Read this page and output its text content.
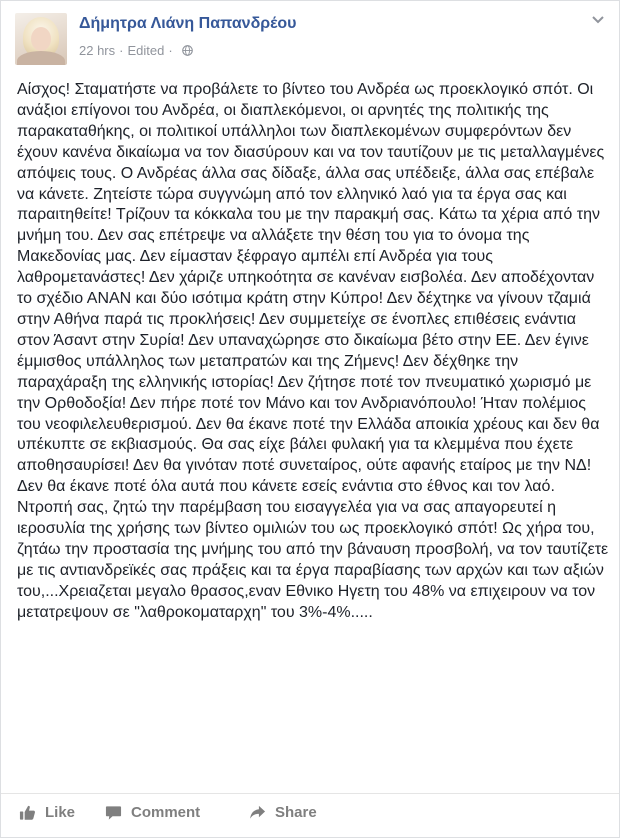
Δήμητρα Λιάνη Παπανδρέου
22 hrs · Edited ·
Αίσχος! Σταματήστε να προβάλετε το βίντεο του Ανδρέα ως προεκλογικό σπότ. Οι ανάξιοι επίγονοι του Ανδρέα, οι διαπλεκόμενοι, οι αρνητές της πολιτικής της παρακαταθήκης, οι πολιτικοί υπάλληλοι των διαπλεκομένων συμφερόντων δεν έχουν κανένα δικαίωμα να τον διασύρουν και να τον ταυτίζουν με τις μεταλλαγμένες απόψεις τους. Ο Ανδρέας άλλα σας δίδαξε, άλλα σας υπέδειξε, άλλα σας επέβαλε να κάνετε. Ζητείστε τώρα συγγνώμη από τον ελληνικό λαό για τα έργα σας και παραιτηθείτε! Τρίζουν τα κόκκαλα του με την παρακμή σας. Κάτω τα χέρια από την μνήμη του. Δεν σας επέτρεψε να αλλάξετε την θέση του για το όνομα της Μακεδονίας μας. Δεν είμασταν ξέφραγο αμπέλι επί Ανδρέα για τους λαθρομετανάστες! Δεν χάριζε υπηκοότητα σε κανέναν εισβολέα. Δεν αποδέχονταν το σχέδιο ΑΝΑΝ και δύο ισότιμα κράτη στην Κύπρο! Δεν δέχτηκε να γίνουν τζαμιά στην Αθήνα παρά τις προκλήσεις! Δεν συμμετείχε σε ένοπλες επιθέσεις ενάντια στον Άσαντ στην Συρία! Δεν υπαναχώρησε στο δικαίωμα βέτο στην ΕΕ. Δεν έγινε έμμισθος υπάλληλος των μεταπρατών και της Ζήμενς! Δεν δέχθηκε την παραχάραξη της ελληνικής ιστορίας! Δεν ζήτησε ποτέ τον πνευματικό χωρισμό με την Ορθοδοξία! Δεν πήρε ποτέ τον Μάνο και τον Ανδριανόπουλο! Ήταν πολέμιος του νεοφιλελευθερισμού. Δεν θα έκανε ποτέ την Ελλάδα αποικία χρέους και δεν θα υπέκυπτε σε εκβιασμούς. Θα σας είχε βάλει φυλακή για τα κλεμμένα που έχετε αποθησαυρίσει! Δεν θα γινόταν ποτέ συνεταίρος, ούτε αφανής εταίρος με την ΝΔ! Δεν θα έκανε ποτέ όλα αυτά που κάνετε εσείς ενάντια στο έθνος και τον λαό. Ντροπή σας, ζητώ την παρέμβαση του εισαγγελέα για να σας απαγορευτεί η ιεροσυλία της χρήσης των βίντεο ομιλιών του ως προεκλογικό σπότ! Ως χήρα του, ζητάω την προστασία της μνήμης του από την βάναυση προσβολή, να τον ταυτίζετε με τις αντιανδρεϊκές σας πράξεις και τα έργα παραβίασης των αρχών και των αξιών του,...Χρειαζεται μεγαλο θρασος,εναν Εθνικο Ηγετη του 48% να επιχειρουν να τον μετατρεψουν σε "λαθροκοματαρχη" του 3%-4%.....
Like	Comment	Share
